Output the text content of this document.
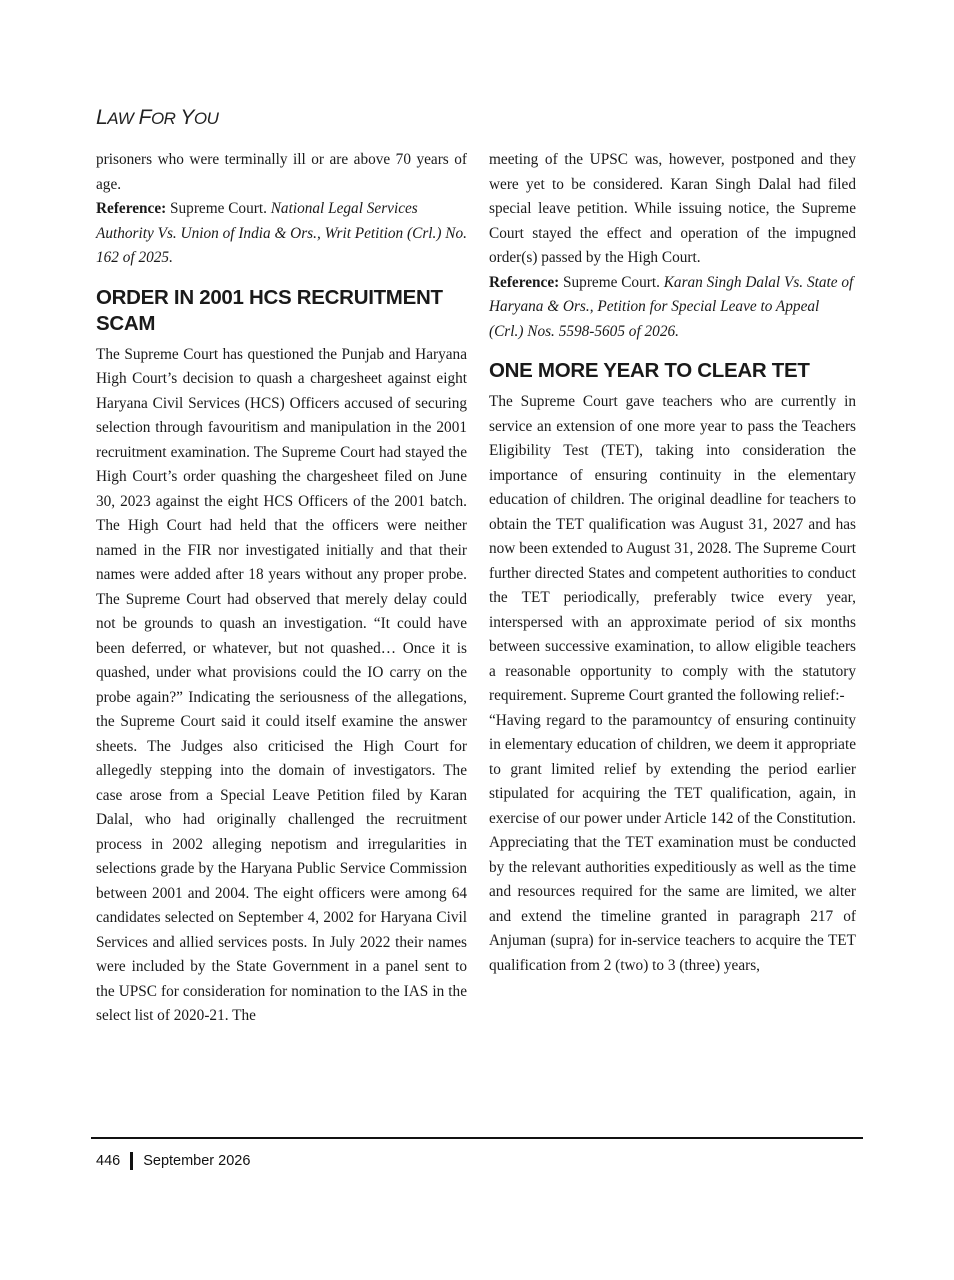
LAW FOR YOU

prisoners who were terminally ill or are above 70 years of age.

Reference: Supreme Court. National Legal Services Authority Vs. Union of India & Ors., Writ Petition (Crl.) No. 162 of 2025.

ORDER IN 2001 HCS RECRUITMENT SCAM

The Supreme Court has questioned the Punjab and Haryana High Court’s decision to quash a chargesheet against eight Haryana Civil Services (HCS) Officers accused of securing selection through favouritism and manipulation in the 2001 recruitment examination. The Supreme Court had stayed the High Court’s order quashing the chargesheet filed on June 30, 2023 against the eight HCS Officers of the 2001 batch. The High Court had held that the officers were neither named in the FIR nor investigated initially and that their names were added after 18 years without any proper probe. The Supreme Court had observed that merely delay could not be grounds to quash an investigation. “It could have been deferred, or whatever, but not quashed… Once it is quashed, under what provisions could the IO carry on the probe again?” Indicating the seriousness of the allegations, the Supreme Court said it could itself examine the answer sheets. The Judges also criticised the High Court for allegedly stepping into the domain of investigators. The case arose from a Special Leave Petition filed by Karan Dalal, who had originally challenged the recruitment process in 2002 alleging nepotism and irregularities in selections grade by the Haryana Public Service Commission between 2001 and 2004. The eight officers were among 64 candidates selected on September 4, 2002 for Haryana Civil Services and allied services posts. In July 2022 their names were included by the State Government in a panel sent to the UPSC for consideration for nomination to the IAS in the select list of 2020-21. The

meeting of the UPSC was, however, postponed and they were yet to be considered. Karan Singh Dalal had filed special leave petition. While issuing notice, the Supreme Court stayed the effect and operation of the impugned order(s) passed by the High Court.

Reference: Supreme Court. Karan Singh Dalal Vs. State of Haryana & Ors., Petition for Special Leave to Appeal (Crl.) Nos. 5598-5605 of 2026.

ONE MORE YEAR TO CLEAR TET

The Supreme Court gave teachers who are currently in service an extension of one more year to pass the Teachers Eligibility Test (TET), taking into consideration the importance of ensuring continuity in the elementary education of children. The original deadline for teachers to obtain the TET qualification was August 31, 2027 and has now been extended to August 31, 2028. The Supreme Court further directed States and competent authorities to conduct the TET periodically, preferably twice every year, interspersed with an approximate period of six months between successive examination, to allow eligible teachers a reasonable opportunity to comply with the statutory requirement. Supreme Court granted the following relief:-

“Having regard to the paramountcy of ensuring continuity in elementary education of children, we deem it appropriate to grant limited relief by extending the period earlier stipulated for acquiring the TET qualification, again, in exercise of our power under Article 142 of the Constitution. Appreciating that the TET examination must be conducted by the relevant authorities expeditiously as well as the time and resources required for the same are limited, we alter and extend the timeline granted in paragraph 217 of Anjuman (supra) for in-service teachers to acquire the TET qualification from 2 (two) to 3 (three) years,

446 September 2026
